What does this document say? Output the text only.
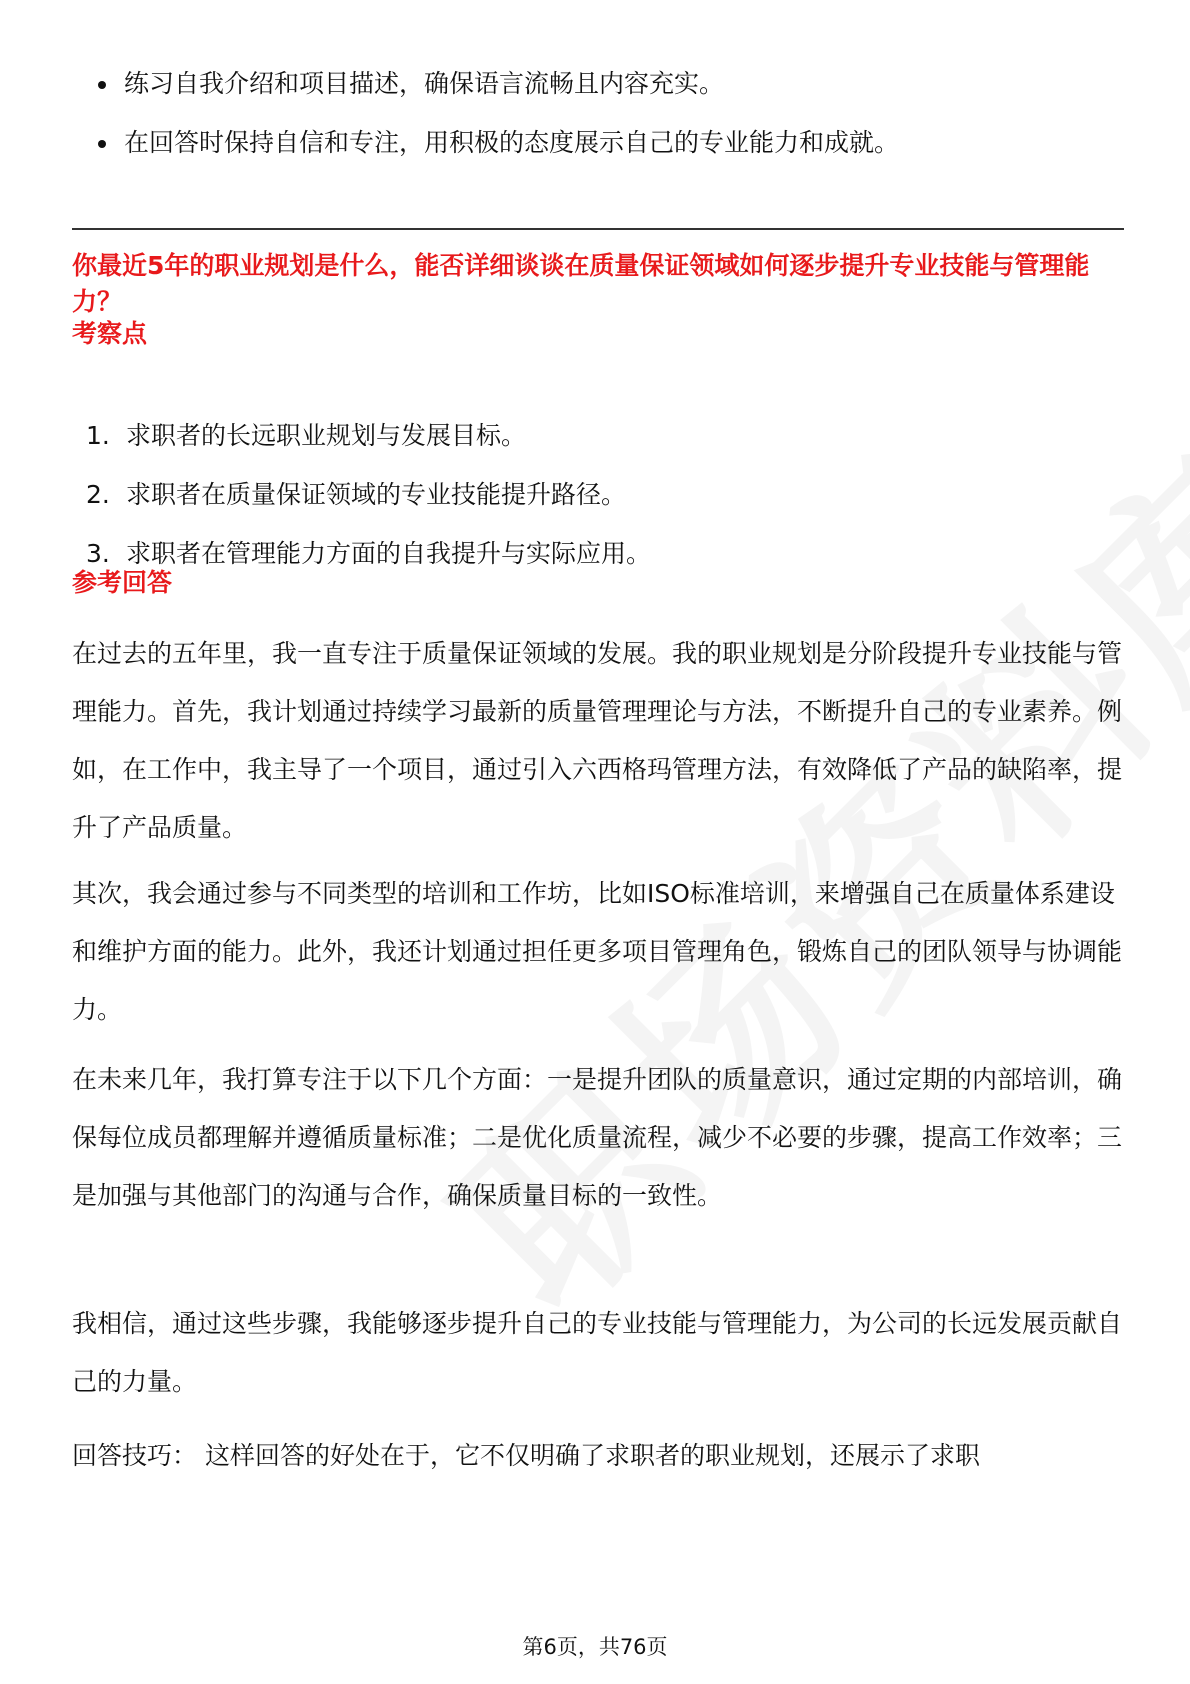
练习自我介绍和项目描述，确保语言流畅且内容充实。
在回答时保持自信和专注，用积极的态度展示自己的专业能力和成就。
你最近5年的职业规划是什么，能否详细谈谈在质量保证领域如何逐步提升专业技能与管理能力？
考察点
1. 求职者的长远职业规划与发展目标。
2. 求职者在质量保证领域的专业技能提升路径。
3. 求职者在管理能力方面的自我提升与实际应用。
参考回答

在过去的五年里，我一直专注于质量保证领域的发展。我的职业规划是分阶段提升专业技能与管理能力。首先，我计划通过持续学习最新的质量管理理论与方法，不断提升自己的专业素养。例如，在工作中，我主导了一个项目，通过引入六西格玛管理方法，有效降低了产品的缺陷率，提升了产品质量。

其次，我会通过参与不同类型的培训和工作坊，比如ISO标准培训，来增强自己在质量体系建设和维护方面的能力。此外，我还计划通过担任更多项目管理角色，锻炼自己的团队领导与协调能力。

在未来几年，我打算专注于以下几个方面：一是提升团队的质量意识，通过定期的内部培训，确保每位成员都理解并遵循质量标准；二是优化质量流程，减少不必要的步骤，提高工作效率；三是加强与其他部门的沟通与合作，确保质量目标的一致性。

我相信，通过这些步骤，我能够逐步提升自己的专业技能与管理能力，为公司的长远发展贡献自己的力量。

回答技巧： 这样回答的好处在于，它不仅明确了求职者的职业规划，还展示了求职

第6页，共76页
